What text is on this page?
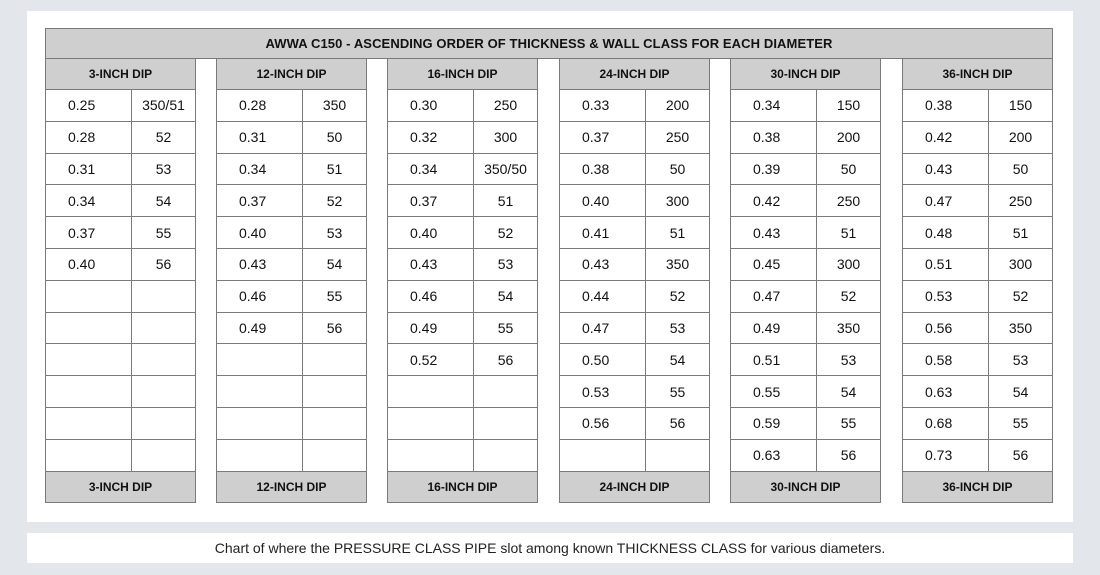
AWWA C150 - ASCENDING ORDER OF THICKNESS & WALL CLASS FOR EACH DIAMETER
3-INCH DIP
0.25	350/51
0.28	52
0.31	53
0.34	54
0.37	55
0.40	56
3-INCH DIP
12-INCH DIP
0.28	350
0.31	50
0.34	51
0.37	52
0.40	53
0.43	54
0.46	55
0.49	56
12-INCH DIP
16-INCH DIP
0.30	250
0.32	300
0.34	350/50
0.37	51
0.40	52
0.43	53
0.46	54
0.49	55
0.52	56
16-INCH DIP
24-INCH DIP
0.33	200
0.37	250
0.38	50
0.40	300
0.41	51
0.43	350
0.44	52
0.47	53
0.50	54
0.53	55
0.56	56
24-INCH DIP
30-INCH DIP
0.34	150
0.38	200
0.39	50
0.42	250
0.43	51
0.45	300
0.47	52
0.49	350
0.51	53
0.55	54
0.59	55
0.63	56
30-INCH DIP
36-INCH DIP
0.38	150
0.42	200
0.43	50
0.47	250
0.48	51
0.51	300
0.53	52
0.56	350
0.58	53
0.63	54
0.68	55
0.73	56
36-INCH DIP
Chart of where the PRESSURE CLASS PIPE slot among known THICKNESS CLASS for various diameters.
